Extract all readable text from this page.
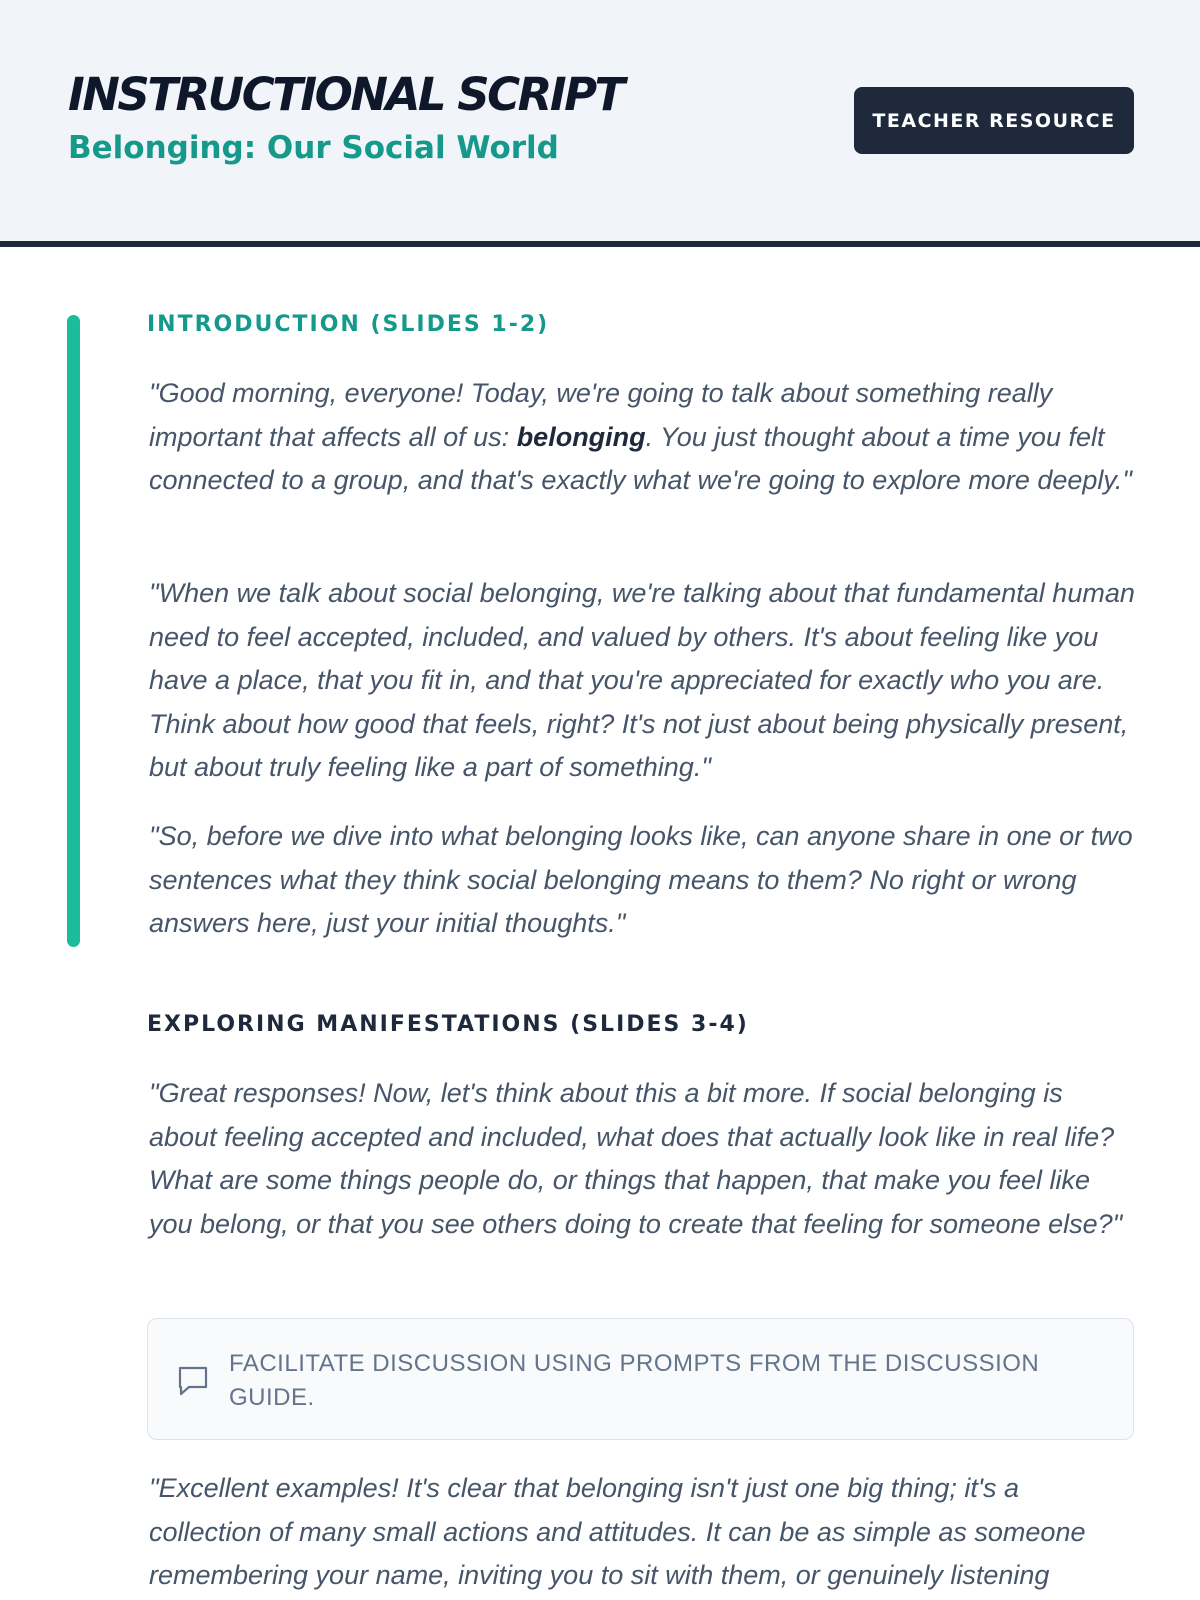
INSTRUCTIONAL SCRIPT
Belonging: Our Social World
TEACHER RESOURCE
INTRODUCTION (SLIDES 1-2)

"Good morning, everyone! Today, we're going to talk about something really important that affects all of us: belonging. You just thought about a time you felt connected to a group, and that's exactly what we're going to explore more deeply."

"When we talk about social belonging, we're talking about that fundamental human need to feel accepted, included, and valued by others. It's about feeling like you have a place, that you fit in, and that you're appreciated for exactly who you are. Think about how good that feels, right? It's not just about being physically present, but about truly feeling like a part of something."

"So, before we dive into what belonging looks like, can anyone share in one or two sentences what they think social belonging means to them? No right or wrong answers here, just your initial thoughts."

EXPLORING MANIFESTATIONS (SLIDES 3-4)

"Great responses! Now, let's think about this a bit more. If social belonging is about feeling accepted and included, what does that actually look like in real life? What are some things people do, or things that happen, that make you feel like you belong, or that you see others doing to create that feeling for someone else?"

FACILITATE DISCUSSION USING PROMPTS FROM THE DISCUSSION GUIDE.

"Excellent examples! It's clear that belonging isn't just one big thing; it's a collection of many small actions and attitudes. It can be as simple as someone remembering your name, inviting you to sit with them, or genuinely listening
